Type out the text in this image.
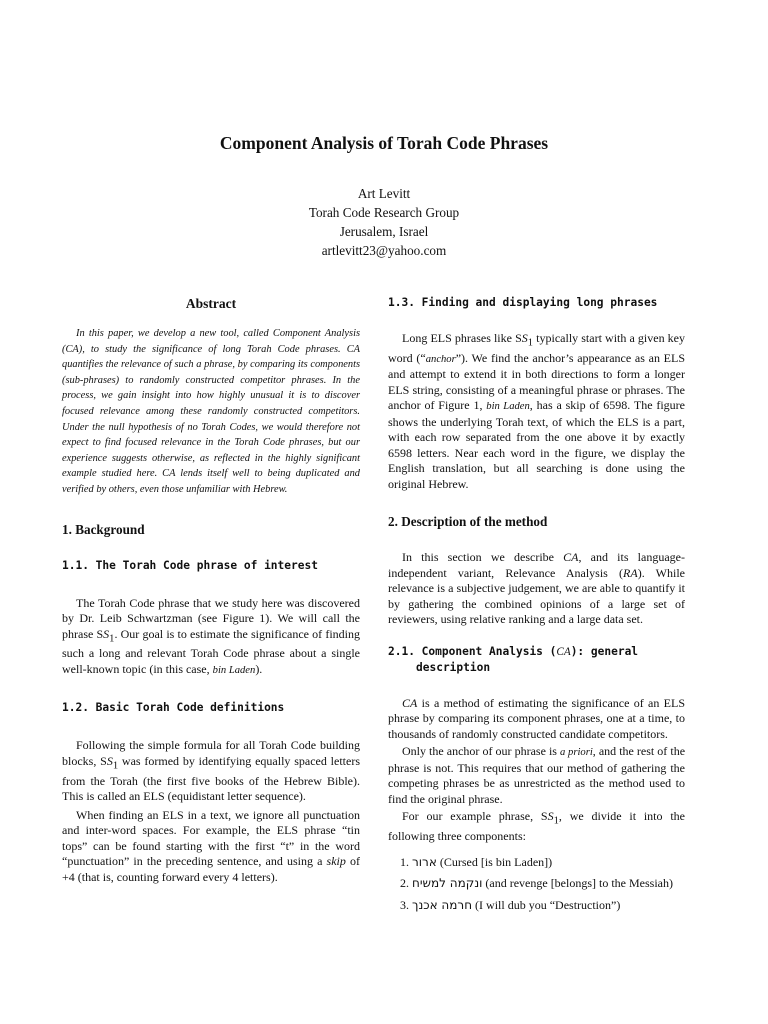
Component Analysis of Torah Code Phrases
Art Levitt
Torah Code Research Group
Jerusalem, Israel
artlevitt23@yahoo.com
Abstract

In this paper, we develop a new tool, called Component Analysis (CA), to study the significance of long Torah Code phrases. CA quantifies the relevance of such a phrase, by comparing its components (sub-phrases) to randomly constructed competitor phrases. In the process, we gain insight into how highly unusual it is to discover focused relevance among these randomly constructed competitors. Under the null hypothesis of no Torah Codes, we would therefore not expect to find focused relevance in the Torah Code phrases, but our experience suggests otherwise, as reflected in the highly significant example studied here. CA lends itself well to being duplicated and verified by others, even those unfamiliar with Hebrew.

1. Background
1.1. The Torah Code phrase of interest

The Torah Code phrase that we study here was discovered by Dr. Leib Schwartzman (see Figure 1). We will call the phrase $SS_1$. Our goal is to estimate the significance of finding such a long and relevant Torah Code phrase about a single well-known topic (in this case, bin Laden).

1.2. Basic Torah Code definitions

Following the simple formula for all Torah Code building blocks, $SS_1$ was formed by identifying equally spaced letters from the Torah (the first five books of the Hebrew Bible). This is called an ELS (equidistant letter sequence).

When finding an ELS in a text, we ignore all punctuation and inter-word spaces. For example, the ELS phrase “tin tops” can be found starting with the first “t” in the word “punctuation” in the preceding sentence, and using a skip of +4 (that is, counting forward every 4 letters).

1.3. Finding and displaying long phrases

Long ELS phrases like $SS_1$ typically start with a given key word (“anchor”). We find the anchor’s appearance as an ELS and attempt to extend it in both directions to form a longer ELS string, consisting of a meaningful phrase or phrases. The anchor of Figure 1, bin Laden, has a skip of 6598. The figure shows the underlying Torah text, of which the ELS is a part, with each row separated from the one above it by exactly 6598 letters. Near each word in the figure, we display the English translation, but all searching is done using the original Hebrew.

2. Description of the method

In this section we describe CA, and its language-independent variant, Relevance Analysis (RA). While relevance is a subjective judgement, we are able to quantify it by gathering the combined opinions of a large set of reviewers, using relative ranking and a large data set.

2.1. Component Analysis (CA): general description

CA is a method of estimating the significance of an ELS phrase by comparing its component phrases, one at a time, to thousands of randomly constructed candidate competitors.

Only the anchor of our phrase is a priori, and the rest of the phrase is not. This requires that our method of gathering the competing phrases be as unrestricted as the method used to find the original phrase.

For our example phrase, $SS_1$, we divide it into the following three components:

1. ארור (Cursed [is bin Laden])
2. ונקמה למשיח (and revenge [belongs] to the Messiah)
3. חרמה אכנך (I will dub you “Destruction”)
